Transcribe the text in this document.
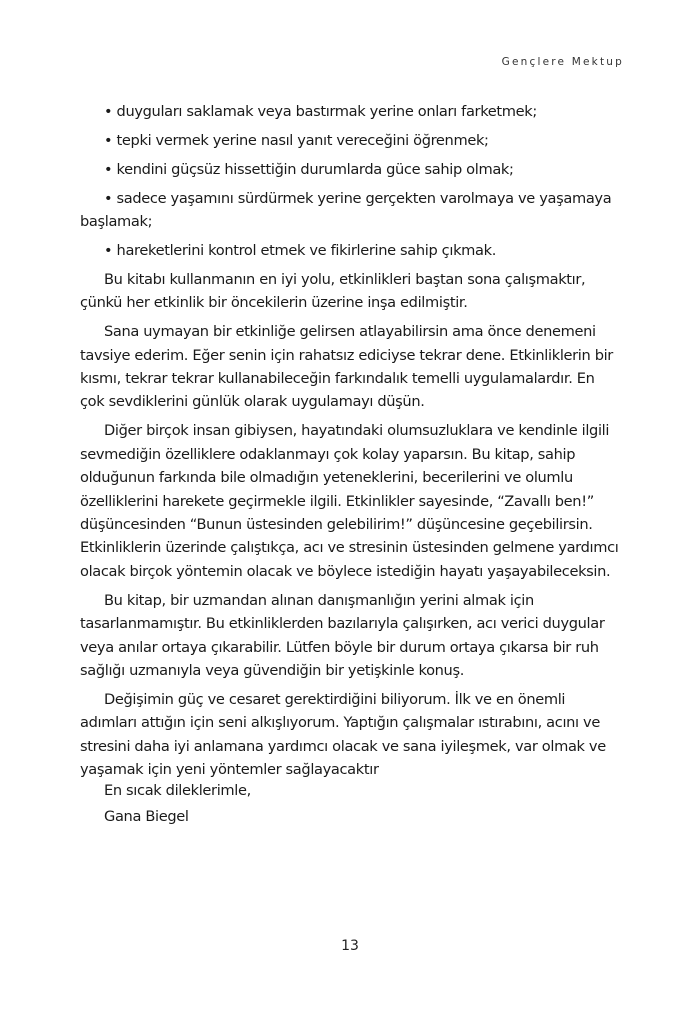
Gençlere Mektup

• duyguları saklamak veya bastırmak yerine onları farketmek;

• tepki vermek yerine nasıl yanıt vereceğini öğrenmek;

• kendini güçsüz hissettiğin durumlarda güce sahip olmak;

• sadece yaşamını sürdürmek yerine gerçekten varolmaya ve yaşamaya başlamak;

• hareketlerini kontrol etmek ve fikirlerine sahip çıkmak.

Bu kitabı kullanmanın en iyi yolu, etkinlikleri baştan sona çalışmaktır, çünkü her etkinlik bir öncekilerin üzerine inşa edilmiştir.

Sana uymayan bir etkinliğe gelirsen atlayabilirsin ama önce denemeni tavsiye ederim. Eğer senin için rahatsız ediciyse tekrar dene. Etkinliklerin bir kısmı, tekrar tekrar kullanabileceğin farkındalık temelli uygulamalardır. En çok sevdiklerini günlük olarak uygulamayı düşün.

Diğer birçok insan gibiysen, hayatındaki olumsuzluklara ve kendinle ilgili sevmediğin özelliklere odaklanmayı çok kolay yaparsın. Bu kitap, sahip olduğunun farkında bile olmadığın yeteneklerini, becerilerini ve olumlu özelliklerini harekete geçirmekle ilgili. Etkinlikler sayesinde, “Zavallı ben!” düşüncesinden “Bunun üstesinden gelebilirim!” düşüncesine geçebilirsin. Etkinliklerin üzerinde çalıştıkça, acı ve stresinin üstesinden gelmene yardımcı olacak birçok yöntemin olacak ve böylece istediğin hayatı yaşayabileceksin.

Bu kitap, bir uzmandan alınan danışmanlığın yerini almak için tasarlanmamıştır. Bu etkinliklerden bazılarıyla çalışırken, acı verici duygular veya anılar ortaya çıkarabilir. Lütfen böyle bir durum ortaya çıkarsa bir ruh sağlığı uzmanıyla veya güvendiğin bir yetişkinle konuş.

Değişimin güç ve cesaret gerektirdiğini biliyorum. İlk ve en önemli adımları attığın için seni alkışlıyorum. Yaptığın çalışmalar ıstırabını, acını ve stresini daha iyi anlamana yardımcı olacak ve sana iyileşmek, var olmak ve yaşamak için yeni yöntemler sağlayacaktır

En sıcak dileklerimle,
Gana Biegel
13
